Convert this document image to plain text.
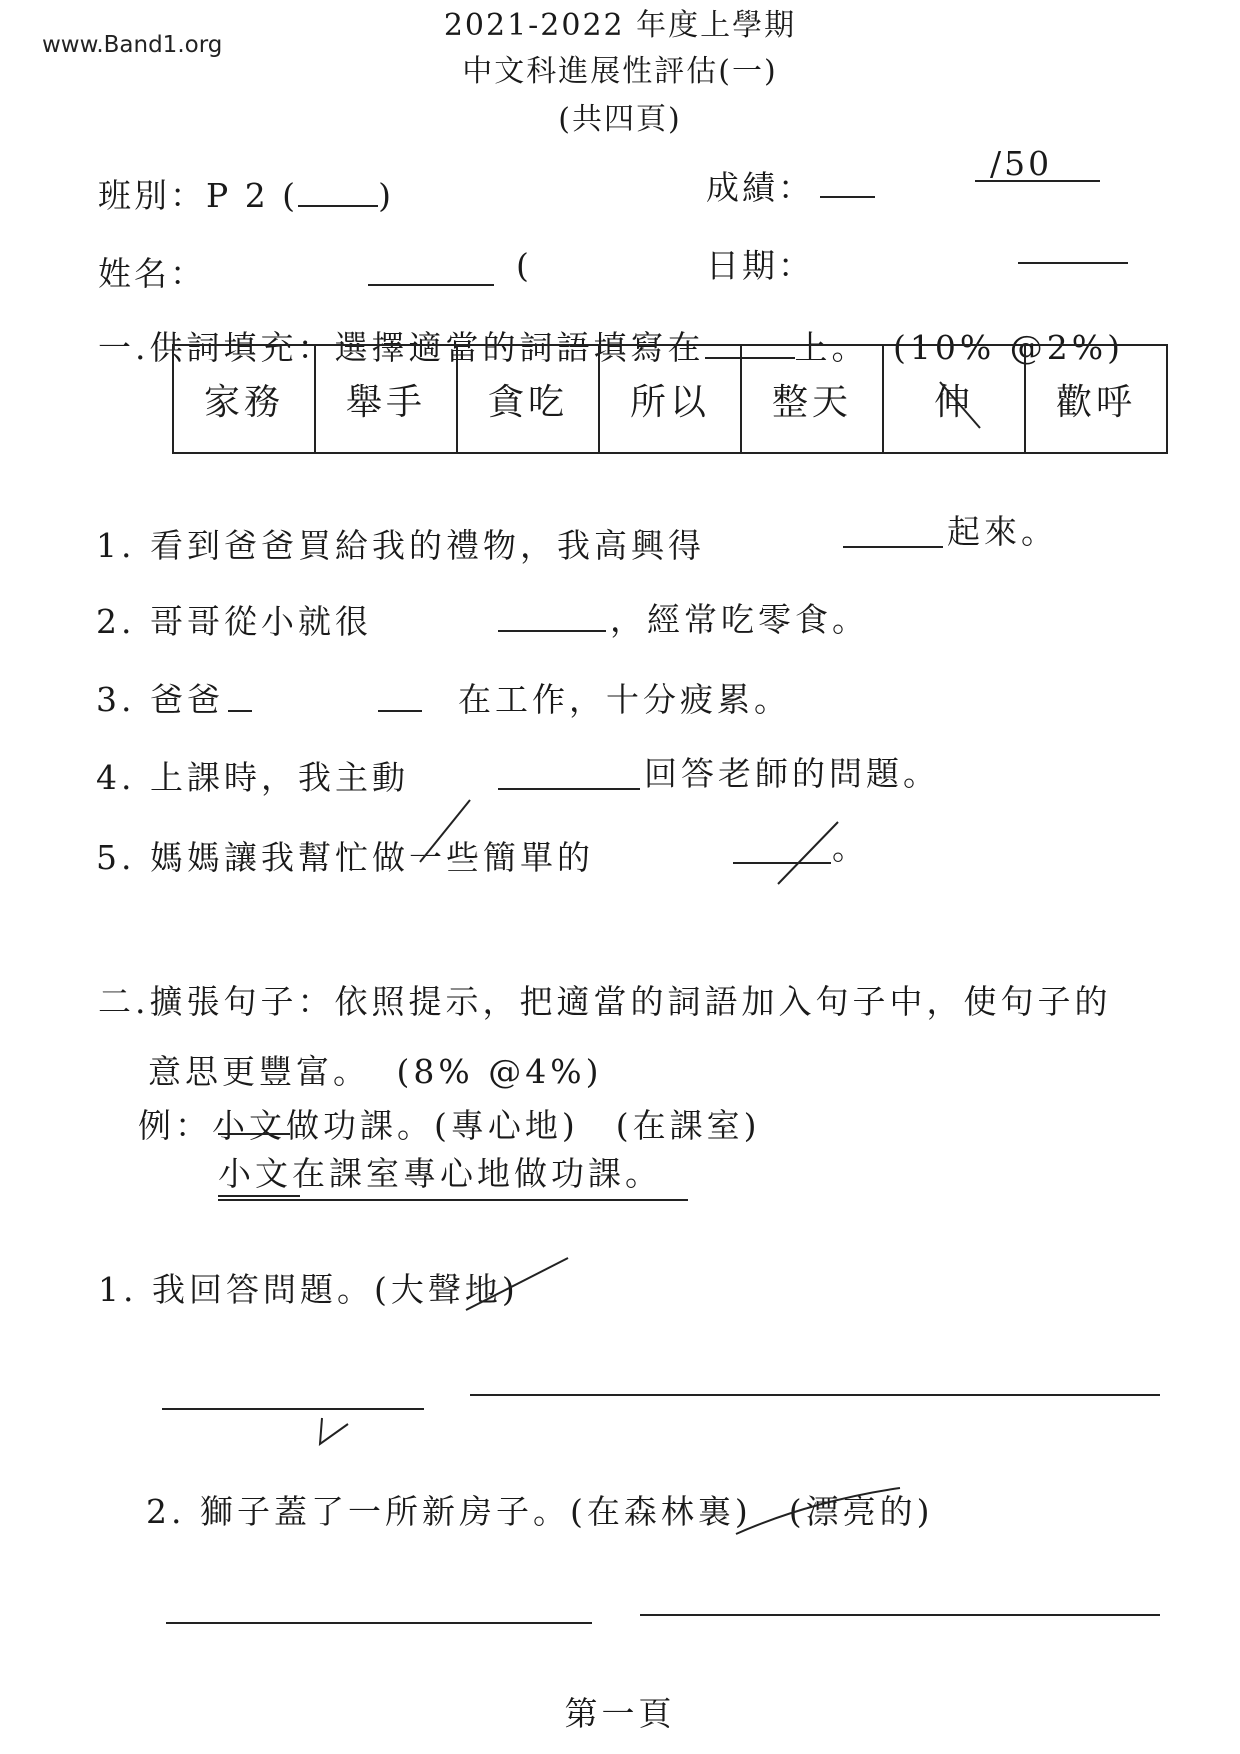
www.Band1.org
2021-2022 年度上學期
中文科進展性評估(一)
(共四頁)
班別：P 2 ( )	成績：
/50
姓名：	(	日期：
一.供詞填充：選擇適當的詞語填寫在	上。 (10% @2%)
家務	舉手	貪吃	所以	整天	伸	歡呼
1. 看到爸爸買給我的禮物，我高興得	起來。
2. 哥哥從小就很	，經常吃零食。
3. 爸爸	在工作，十分疲累。
4. 上課時，我主動	回答老師的問題。
5. 媽媽讓我幫忙做一些簡單的	。
二.擴張句子：依照提示，把適當的詞語加入句子中，使句子的
意思更豐富。 (8% @4%)
例：小文做功課。(專心地)　(在課室)
小文在課室專心地做功課。
1. 我回答問題。(大聲地)
2. 獅子蓋了一所新房子。(在森林裏)　(漂亮的)
第一頁
